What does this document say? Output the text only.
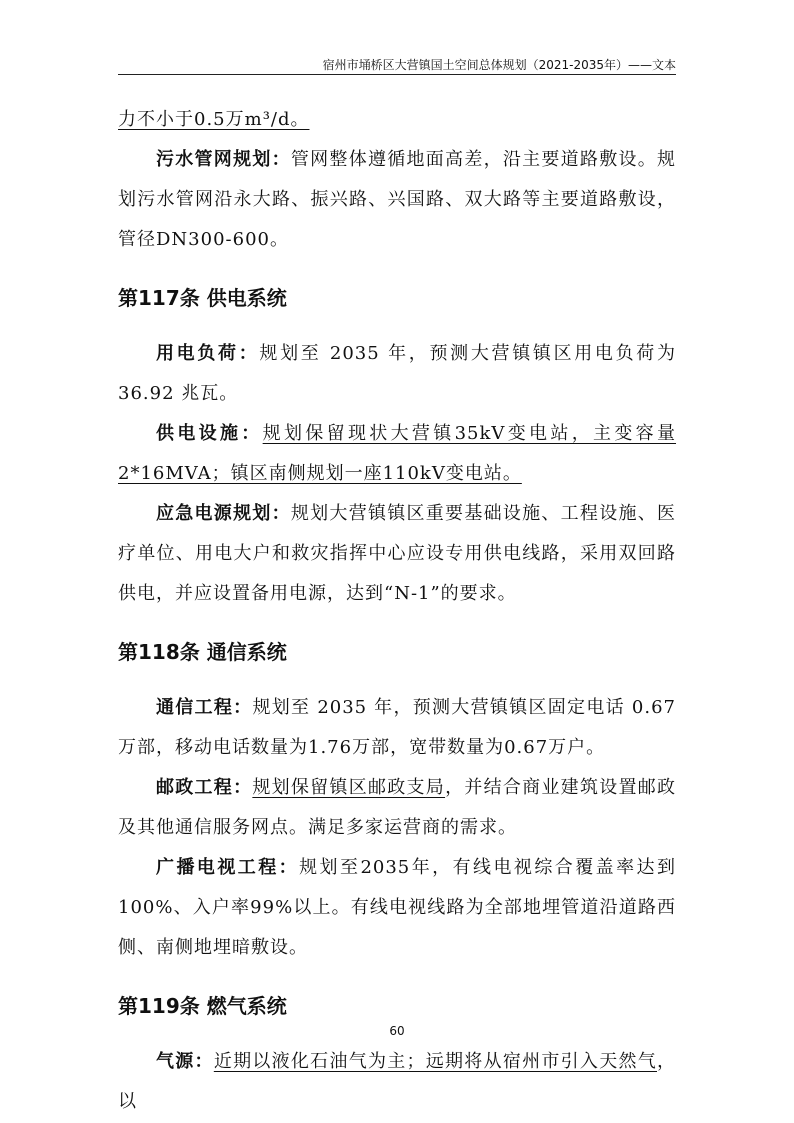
宿州市埇桥区大营镇国土空间总体规划（2021-2035年）——文本

力不小于0.5万m³/d。

污水管网规划：管网整体遵循地面高差，沿主要道路敷设。规划污水管网沿永大路、振兴路、兴国路、双大路等主要道路敷设，管径DN300-600。

第117条 供电系统

用电负荷：规划至 2035 年，预测大营镇镇区用电负荷为 36.92 兆瓦。

供电设施：规划保留现状大营镇35kV变电站，主变容量2*16MVA；镇区南侧规划一座110kV变电站。

应急电源规划：规划大营镇镇区重要基础设施、工程设施、医疗单位、用电大户和救灾指挥中心应设专用供电线路，采用双回路供电，并应设置备用电源，达到“N-1”的要求。

第118条 通信系统

通信工程：规划至 2035 年，预测大营镇镇区固定电话 0.67 万部，移动电话数量为1.76万部，宽带数量为0.67万户。

邮政工程：规划保留镇区邮政支局，并结合商业建筑设置邮政及其他通信服务网点。满足多家运营商的需求。

广播电视工程：规划至2035年，有线电视综合覆盖率达到100%、入户率99%以上。有线电视线路为全部地埋管道沿道路西侧、南侧地埋暗敷设。

第119条 燃气系统

气源：近期以液化石油气为主；远期将从宿州市引入天然气，以

60
